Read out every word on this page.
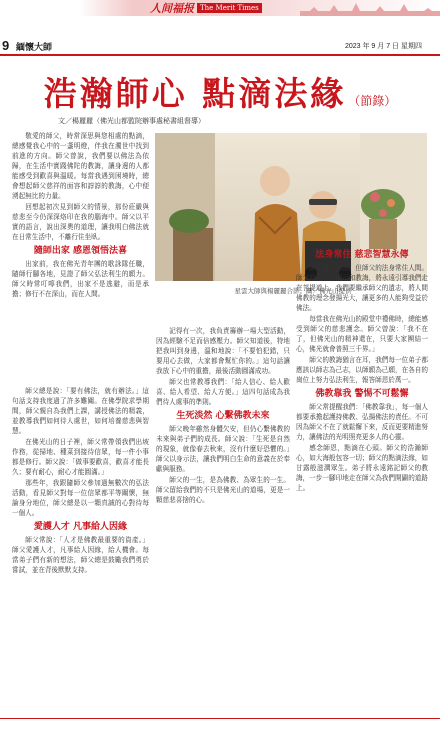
人间福报 The Merit Times
9 緬懷大師	2023 年 9 月 7 日 星期四
浩瀚師心 點滴法緣 （節錄）
文／楊麗麗（佛光山都監院辦事處秘書組督導）

敬愛的師父，時常深思與您相處的點滴，總感覺我心中的一盞明燈，伴我在濁世中找到前進的方向。師父曾說，我們要以佛法為依歸，在生活中實踐佛陀的教誨，讓身邊的人都能感受到歡喜與溫暖。每當我遇到困境時，總會想起師父慈祥的面容和諄諄的教誨，心中便湧起無比的力量。

回想起初次見到師父的情景，那份莊嚴與慈悲至今仍深深烙印在我的腦海中。師父以平實的語言，說出深奧的道理，讓我明白佛法就在日常生活中，不離行住坐臥。

隨師出家 感恩領悟法喜

出家前，我在佛光青年團的歌詠隊任職，隨師行腳各地，見證了師父弘法利生的願力。師父時常叮嚀我們，出家不是逃避，而是承擔；修行不在深山，而在人間。

師父總是說：「要有佛法，就有辦法。」這句話支持我度過了許多難關。在佛學院求學期間，師父親自為我們上課，講授佛法的精義，並教導我們如何待人處世，如何培養慈悲與智慧。

在佛光山的日子裡，師父常帶領我們出坡作務，從掃地、種菜到接待信眾，每一件小事都是修行。師父說：「做事要歡喜，歡喜才能長久；要有耐心，耐心才能圓滿。」

那些年，我跟隨師父參加過無數次的弘法活動，看見師父對每一位信眾都平等關懷，無論身分地位，師父總是以一顆真誠的心對待每一個人。

愛護人才 凡事給人因緣

師父常說：「人才是佛教最重要的資產。」師父愛護人才，凡事給人因緣，給人機會。每當弟子們有新的想法，師父總是鼓勵我們勇於嘗試，並在背後默默支持。

星雲大師與楊麗麗合影。圖／佛光山提供

記得有一次，我負責籌辦一場大型活動，因為經驗不足而倍感壓力。師父知道後，特地把我叫到身邊，溫和地說：「不要怕犯錯，只要用心去做，大家都會幫忙你的。」這句話讓我放下心中的重擔，最後活動圓滿成功。

師父也常教導我們：「給人信心、給人歡喜、給人希望、給人方便。」這四句話成為我們待人處事的準則。

生死淡然 心繫佛教未來

師父晚年雖然身體欠安，但仍心繫佛教的未來與弟子們的成長。師父說：「生死是自然的現象，就像春去秋來，沒有什麼好恐懼的。」師父以身示法，讓我們明白生命的意義在於奉獻與服務。

師父的一生，是為佛教、為眾生的一生。師父留給我們的不只是佛光山的道場，更是一顆慈悲喜捨的心。

法身常住 慈悲智慧永傳

師父雖然捨報，但師父的法身常住人間。師父的著作、開示和教誨，將永遠引導我們走在菩提道上。我們要繼承師父的遺志，將人間佛教的理念發揚光大，讓更多的人能夠受益於佛法。

每當我在佛光山的殿堂中禮佛時，總能感受到師父的慈悲護念。師父曾說：「我不在了，但佛光山的精神還在，只要大家團結一心，佛光就會普照三千界。」

師父的教誨猶言在耳，我們每一位弟子都應該以師志為己志，以師願為己願，在各自的崗位上努力弘法利生，報答師恩於萬一。

佛教靠我 警惕不可鬆懈

師父常提醒我們：「佛教靠我」，每一個人都要承擔起護持佛教、弘揚佛法的責任。不可因為師父不在了就鬆懈下來，反而更要精進努力，讓佛法的光明照亮更多人的心靈。

感念師恩，點滴在心頭。師父的浩瀚師心，如大海般包容一切；師父的點滴法緣，如甘露般滋潤眾生。弟子將永遠銘記師父的教誨，一步一腳印地走在師父為我們開闢的道路上。
